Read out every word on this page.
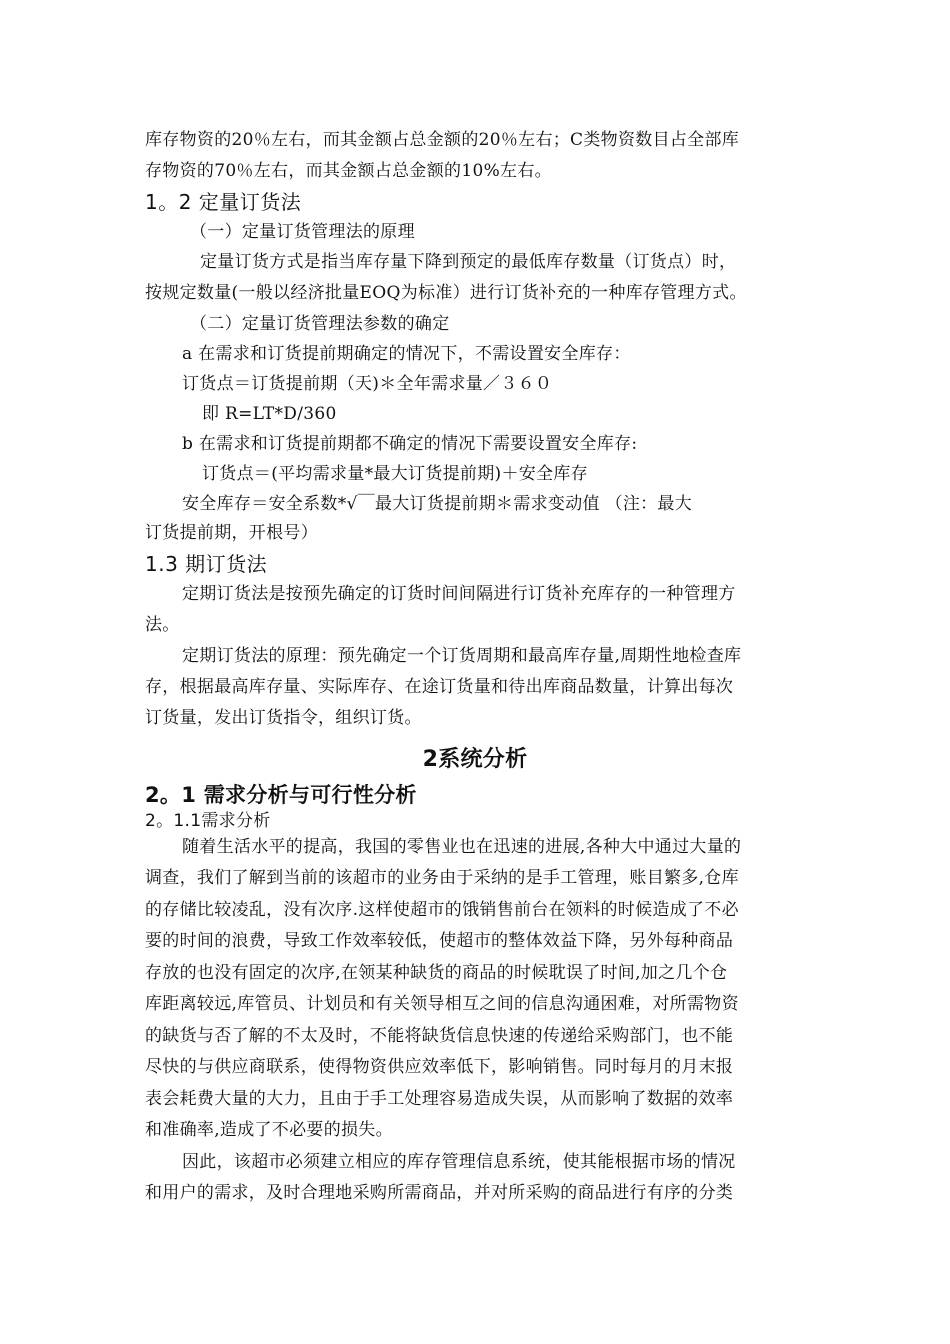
库存物资的20％左右，而其金额占总金额的20％左右；C类物资数目占全部库
存物资的70％左右，而其金额占总金额的10%左右。
1。2 定量订货法
（一）定量订货管理法的原理
定量订货方式是指当库存量下降到预定的最低库存数量（订货点）时，
按规定数量(一般以经济批量EOQ为标准）进行订货补充的一种库存管理方式。
（二）定量订货管理法参数的确定
a 在需求和订货提前期确定的情况下，不需设置安全库存：
订货点＝订货提前期（天)＊全年需求量／３６０
即 R=LT*D/360
b 在需求和订货提前期都不确定的情况下需要设置安全库存:
订货点＝(平均需求量*最大订货提前期)＋安全库存
安全库存＝安全系数*√￣最大订货提前期＊需求变动值 （注：最大
订货提前期，开根号）
1.3 期订货法
定期订货法是按预先确定的订货时间间隔进行订货补充库存的一种管理方
法。
定期订货法的原理：预先确定一个订货周期和最高库存量,周期性地检查库
存，根据最高库存量、实际库存、在途订货量和待出库商品数量，计算出每次
订货量，发出订货指令，组织订货。
2系统分析
2。1 需求分析与可行性分析
2。1.1需求分析
随着生活水平的提高，我国的零售业也在迅速的进展,各种大中通过大量的
调查，我们了解到当前的该超市的业务由于采纳的是手工管理，账目繁多,仓库
的存储比较凌乱，没有次序.这样使超市的饿销售前台在领料的时候造成了不必
要的时间的浪费，导致工作效率较低，使超市的整体效益下降，另外每种商品
存放的也没有固定的次序,在领某种缺货的商品的时候耽误了时间,加之几个仓
库距离较远,库管员、计划员和有关领导相互之间的信息沟通困难，对所需物资
的缺货与否了解的不太及时，不能将缺货信息快速的传递给采购部门，也不能
尽快的与供应商联系，使得物资供应效率低下，影响销售。同时每月的月末报
表会耗费大量的大力，且由于手工处理容易造成失误，从而影响了数据的效率
和准确率,造成了不必要的损失。
因此，该超市必须建立相应的库存管理信息系统，使其能根据市场的情况
和用户的需求，及时合理地采购所需商品，并对所采购的商品进行有序的分类
